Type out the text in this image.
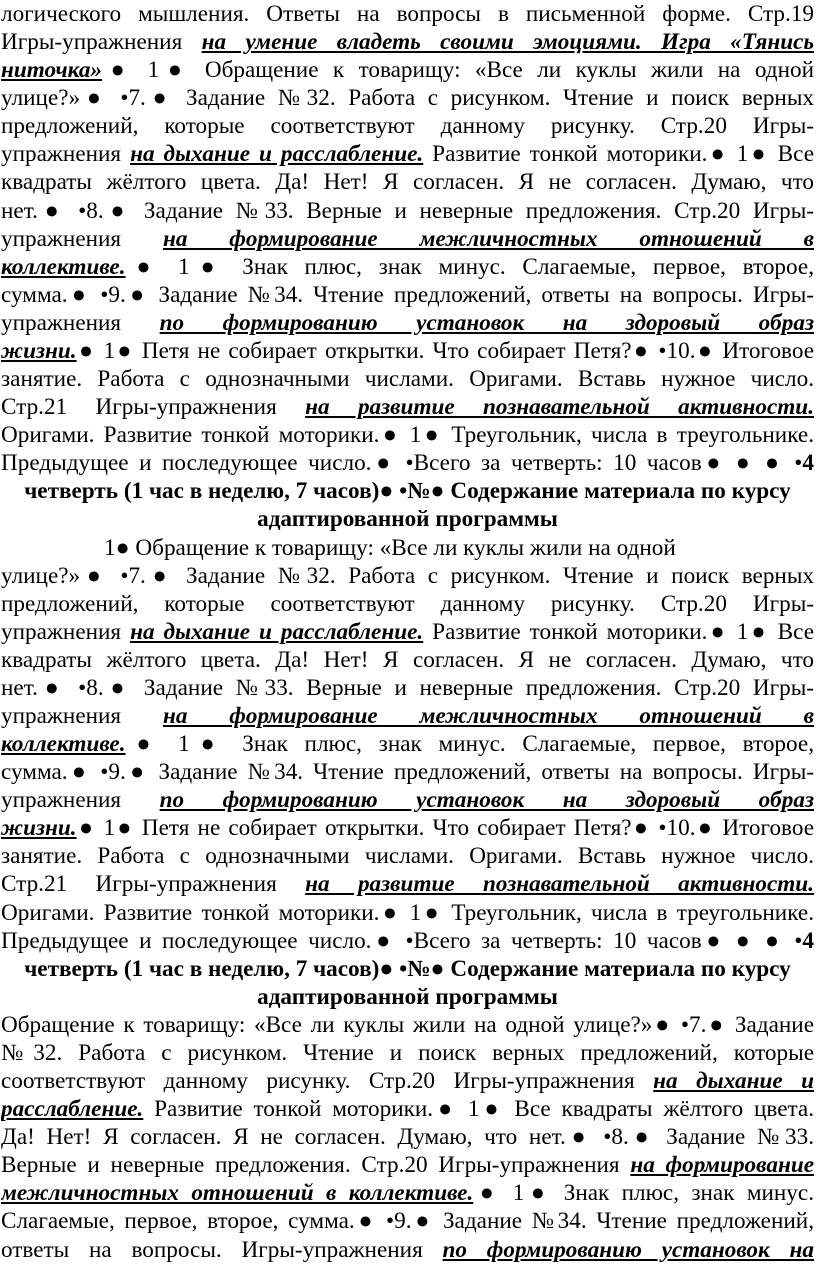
логического мышления. Ответы на вопросы в письменной форме. Стр.19
Игры-упражнения на умение владеть своими эмоциями. Игра «Тянись
ниточка»● 1● Обращение к товарищу: «Все ли куклы жили на одной
улице?»● •7.● Задание №32. Работа с рисунком. Чтение и поиск верных
предложений, которые соответствуют данному рисунку. Стр.20 Игры-
упражнения на дыхание и расслабление. Развитие тонкой моторики.● 1● Все
квадраты жёлтого цвета. Да! Нет! Я согласен. Я не согласен. Думаю, что
нет.● •8.● Задание №33. Верные и неверные предложения. Стр.20 Игры-
упражнения на формирование межличностных отношений в
коллективе.● 1● Знак плюс, знак минус. Слагаемые, первое, второе,
сумма.● •9.● Задание №34. Чтение предложений, ответы на вопросы. Игры-
упражнения по формированию установок на здоровый образ
жизни.● 1● Петя не собирает открытки. Что собирает Петя?● •10.● Итоговое
занятие. Работа с однозначными числами. Оригами. Вставь нужное число.
Стр.21 Игры-упражнения на развитие познавательной активности.
Оригами. Развитие тонкой моторики.● 1● Треугольник, числа в треугольнике.
Предыдущее и последующее число.● •Всего за четверть: 10 часов● ● ● •4
четверть (1 час в неделю, 7 часов)● •№● Содержание материала по курсу
адаптированной программы
1● Обращение к товарищу: «Все ли куклы жили на одной
улице?»● •7.● Задание №32. Работа с рисунком. Чтение и поиск верных
предложений, которые соответствуют данному рисунку. Стр.20 Игры-
упражнения на дыхание и расслабление. Развитие тонкой моторики.● 1● Все
квадраты жёлтого цвета. Да! Нет! Я согласен. Я не согласен. Думаю, что
нет.● •8.● Задание №33. Верные и неверные предложения. Стр.20 Игры-
упражнения на формирование межличностных отношений в
коллективе.● 1● Знак плюс, знак минус. Слагаемые, первое, второе,
сумма.● •9.● Задание №34. Чтение предложений, ответы на вопросы. Игры-
упражнения по формированию установок на здоровый образ
жизни.● 1● Петя не собирает открытки. Что собирает Петя?● •10.● Итоговое
занятие. Работа с однозначными числами. Оригами. Вставь нужное число.
Стр.21 Игры-упражнения на развитие познавательной активности.
Оригами. Развитие тонкой моторики.● 1● Треугольник, числа в треугольнике.
Предыдущее и последующее число.● •Всего за четверть: 10 часов● ● ● •4
четверть (1 час в неделю, 7 часов)● •№● Содержание материала по курсу
адаптированной программы
Обращение к товарищу: «Все ли куклы жили на одной улице?»● •7.● Задание
№32. Работа с рисунком. Чтение и поиск верных предложений, которые
соответствуют данному рисунку. Стр.20 Игры-упражнения на дыхание и
расслабление. Развитие тонкой моторики.● 1● Все квадраты жёлтого цвета.
Да! Нет! Я согласен. Я не согласен. Думаю, что нет.● •8.● Задание №33.
Верные и неверные предложения. Стр.20 Игры-упражнения на формирование
межличностных отношений в коллективе.● 1● Знак плюс, знак минус.
Слагаемые, первое, второе, сумма.● •9.● Задание №34. Чтение предложений,
ответы на вопросы. Игры-упражнения по формированию установок на
